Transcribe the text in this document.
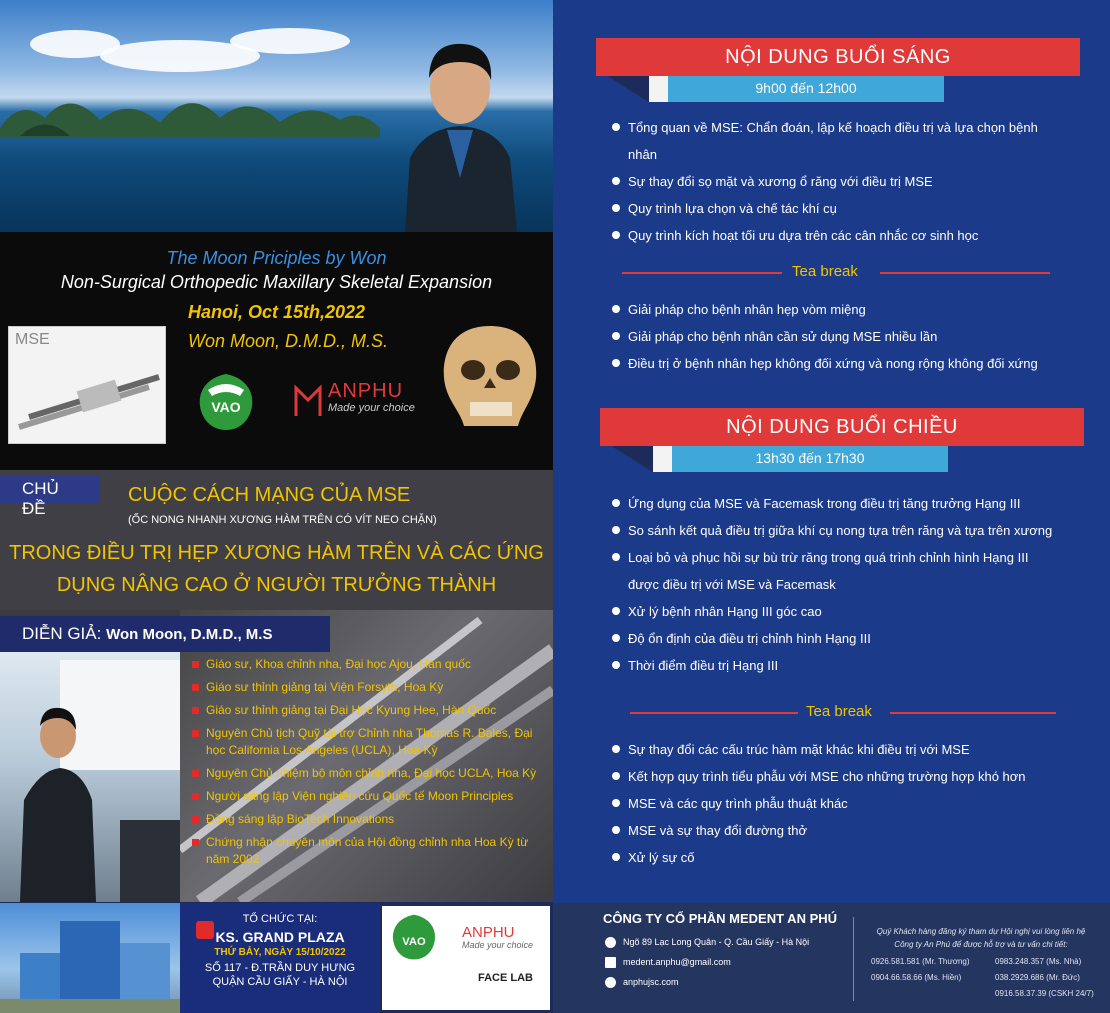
The Moon Priciples by Won
Non-Surgical Orthopedic Maxillary Skeletal Expansion
Hanoi, Oct 15th,2022
Won Moon, D.M.D., M.S.
MSE
VAO
ANPHU
Made your choice
CHỦ ĐỀ
CUỘC CÁCH MẠNG CỦA MSE
(ỐC NONG NHANH XƯƠNG HÀM TRÊN CÓ VÍT NEO CHẶN)
TRONG ĐIỀU TRỊ HẸP XƯƠNG HÀM TRÊN VÀ CÁC ỨNG
DỤNG NÂNG CAO Ở NGƯỜI TRƯỞNG THÀNH
DIỄN GIẢ: Won Moon, D.M.D., M.S
Giáo sư, Khoa chỉnh nha, Đại học Ajou, Hàn quốc
Giáo sư thỉnh giảng tại Viện Forsyth, Hoa Kỳ
Giáo sư thỉnh giảng tại Đại Học Kyung Hee, Hàn Quốc
Nguyên Chủ tịch Quỹ tài trợ Chỉnh nha Thomas R. Bales, Đại học California Los Angeles (UCLA), Hoa Kỳ
Nguyên Chủ nhiệm bộ môn chỉnh nha, Đại học UCLA, Hoa Kỳ
Người sáng lập Viện nghiên cứu Quốc tế Moon Principles
Đồng sáng lập BioTech Innovations
Chứng nhận chuyên môn của Hội đồng chỉnh nha Hoa Kỳ từ năm 2002
TỔ CHỨC TẠI:
KS. GRAND PLAZA
THỨ BẢY, NGÀY 15/10/2022
SỐ 117 - Đ.TRẦN DUY HƯNG
QUẬN CẦU GIẤY - HÀ NỘI
VAO
ANPHU
Made your choice
FACE LAB
9h00 đến 12h00
NỘI DUNG BUỔI SÁNG
Tổng quan về MSE: Chẩn đoán, lập kế hoạch điều trị và lựa chọn bệnh nhân
Sự thay đổi sọ mặt và xương ổ răng với điều trị MSE
Quy trình lựa chọn và chế tác khí cụ
Quy trình kích hoạt tối ưu dựa trên các cân nhắc cơ sinh học
Tea break
Giải pháp cho bệnh nhân hẹp vòm miệng
Giải pháp cho bệnh nhân cần sử dụng MSE nhiều lần
Điều trị ở bệnh nhân hẹp không đối xứng và nong rộng không đối xứng
13h30 đến 17h30
NỘI DUNG BUỔI CHIỀU
Ứng dụng của MSE và Facemask trong điều trị tăng trưởng Hạng III
So sánh kết quả điều trị giữa khí cụ nong tựa trên răng và tựa trên xương
Loại bỏ và phục hồi sự bù trừ răng trong quá trình chỉnh hình Hạng III được điều trị với MSE và Facemask
Xử lý bệnh nhân Hạng III góc cao
Độ ổn định của điều trị chỉnh hình Hạng III
Thời điểm điều trị Hạng III
Tea break
Sự thay đổi các cấu trúc hàm mặt khác khi điều trị với MSE
Kết hợp quy trình tiểu phẫu với MSE cho những trường hợp khó hơn
MSE và các quy trình phẫu thuật khác
MSE và sự thay đổi đường thở
Xử lý sự cố
CÔNG TY CỔ PHẦN MEDENT AN PHÚ
Ngõ 89 Lạc Long Quân - Q. Cầu Giấy - Hà Nội
medent.anphu@gmail.com
anphujsc.com
Quý Khách hàng đăng ký tham dự Hội nghị vui lòng liên hệ
Công ty An Phú để được hỗ trợ và tư vấn chi tiết:
0926.581.581 (Mr. Thương)	0983.248.357 (Ms. Nhà)
0904.66.58.66 (Ms. Hiền)	038.2929.686 (Mr. Đức)
0916.58.37.39 (CSKH 24/7)
